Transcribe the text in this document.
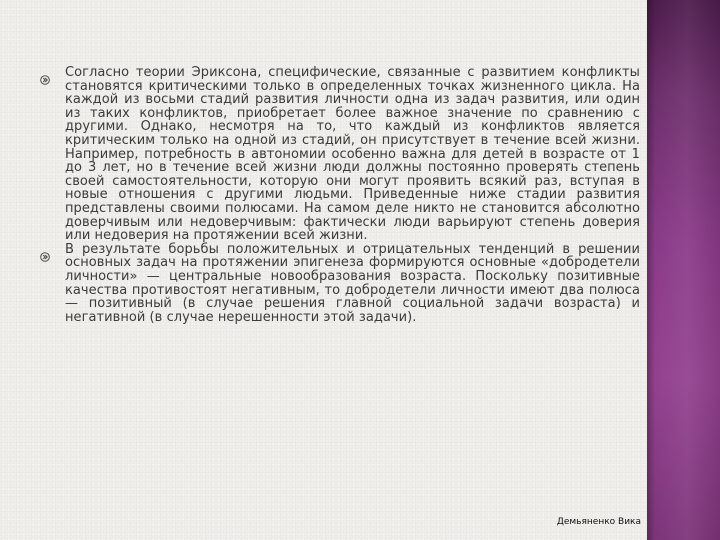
Согласно теории Эриксона, специфические, связанные с развитием конфликты становятся критическими только в определенных точках жизненного цикла. На каждой из восьми стадий развития личности одна из задач развития, или один из таких конфликтов, приобретает более важное значение по сравнению с другими. Однако, несмотря на то, что каждый из конфликтов является критическим только на одной из стадий, он присутствует в течение всей жизни. Например, потребность в автономии особенно важна для детей в возрасте от 1 до 3 лет, но в течение всей жизни люди должны постоянно проверять степень своей самостоятельности, которую они могут проявить всякий раз, вступая в новые отношения с другими людьми. Приведенные ниже стадии развития представлены своими полюсами. На самом деле никто не становится абсолютно доверчивым или недоверчивым: фактически люди варьируют степень доверия или недоверия на протяжении всей жизни.

В результате борьбы положительных и отрицательных тенденций в решении основных задач на протяжении эпигенеза формируются основные «добродетели личности» — центральные новообразования возраста. Поскольку позитивные качества противостоят негативным, то добродетели личности имеют два полюса — позитивный (в случае решения главной социальной задачи возраста) и негативной (в случае нерешенности этой задачи).

Демьяненко Вика
